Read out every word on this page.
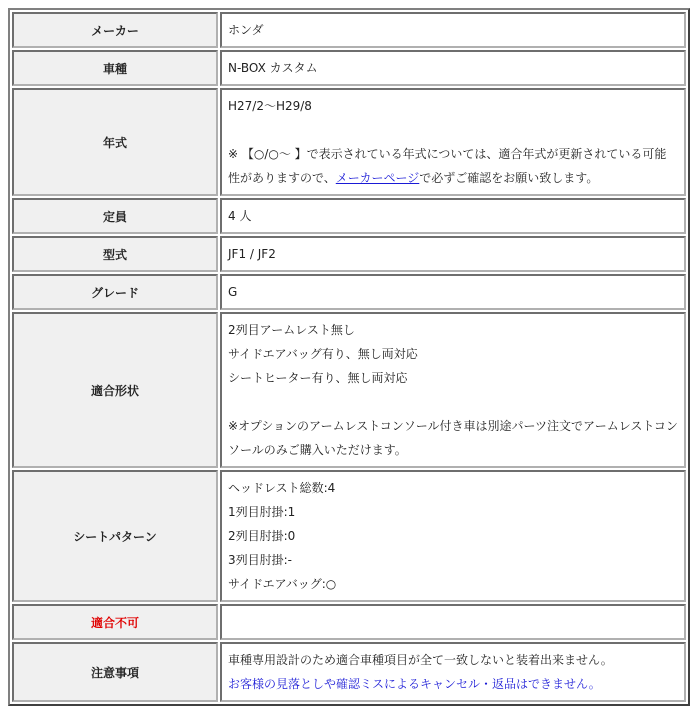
メーカー	ホンダ
車種	N-BOX カスタム
年式	H27/2〜H29/8
※ 【○/○〜 】で表示されている年式については、適合年式が更新されている可能性がありますので、メーカーページで必ずご確認をお願い致します。

定員	4 人
型式	JF1 / JF2
グレード	G
適合形状	2列目アームレスト無し
サイドエアバッグ有り、無し両対応
シートヒーター有り、無し両対応
※オプションのアームレストコンソール付き車は別途パーツ注文でアームレストコンソールのみご購入いただけます。

シートパターン	ヘッドレスト総数:4
1列目肘掛:1
2列目肘掛:0
3列目肘掛:-
サイドエアバッグ:○

適合不可	
注意事項	車種専用設計のため適合車種項目が全て一致しないと装着出来ません。
お客様の見落としや確認ミスによるキャンセル・返品はできません。
